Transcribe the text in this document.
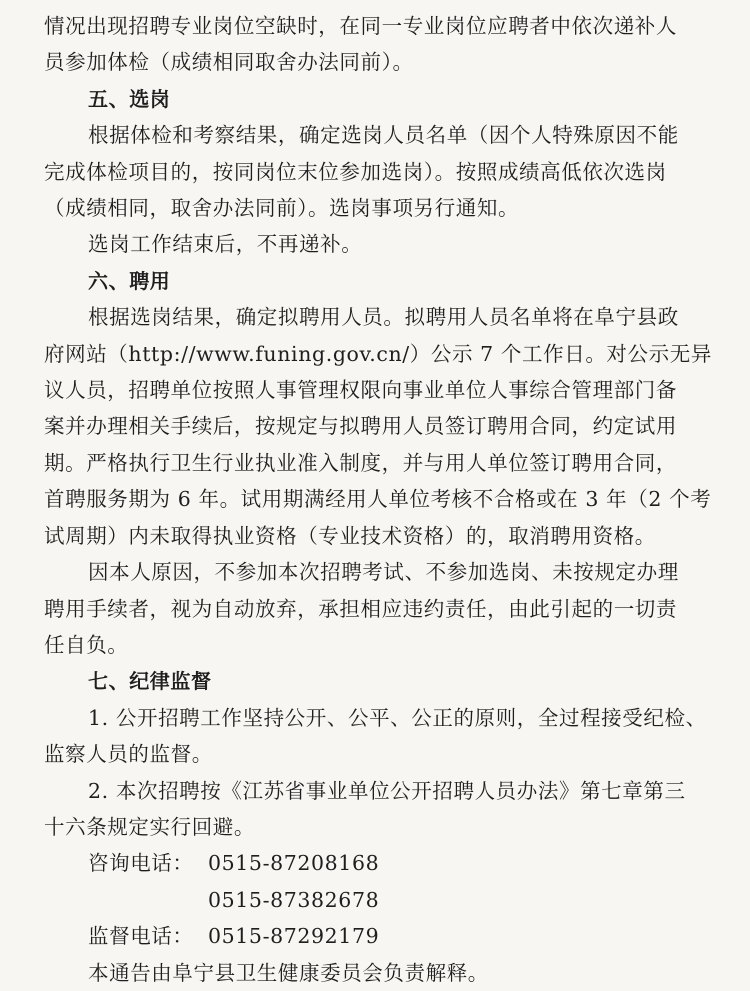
情况出现招聘专业岗位空缺时，在同一专业岗位应聘者中依次递补人

员参加体检（成绩相同取舍办法同前）。

五、选岗

根据体检和考察结果，确定选岗人员名单（因个人特殊原因不能

完成体检项目的，按同岗位末位参加选岗）。按照成绩高低依次选岗

（成绩相同，取舍办法同前）。选岗事项另行通知。

选岗工作结束后，不再递补。

六、聘用

根据选岗结果，确定拟聘用人员。拟聘用人员名单将在阜宁县政

府网站（http://www.funing.gov.cn/）公示 7 个工作日。对公示无异

议人员，招聘单位按照人事管理权限向事业单位人事综合管理部门备

案并办理相关手续后，按规定与拟聘用人员签订聘用合同，约定试用

期。严格执行卫生行业执业准入制度，并与用人单位签订聘用合同，

首聘服务期为 6 年。试用期满经用人单位考核不合格或在 3 年（2 个考

试周期）内未取得执业资格（专业技术资格）的，取消聘用资格。

因本人原因，不参加本次招聘考试、不参加选岗、未按规定办理

聘用手续者，视为自动放弃，承担相应违约责任，由此引起的一切责

任自负。

七、纪律监督

1. 公开招聘工作坚持公开、公平、公正的原则，全过程接受纪检、

监察人员的监督。

2. 本次招聘按《江苏省事业单位公开招聘人员办法》第七章第三

十六条规定实行回避。

咨询电话： 0515-87208168
0515-87382678
监督电话： 0515-87292179

本通告由阜宁县卫生健康委员会负责解释。
